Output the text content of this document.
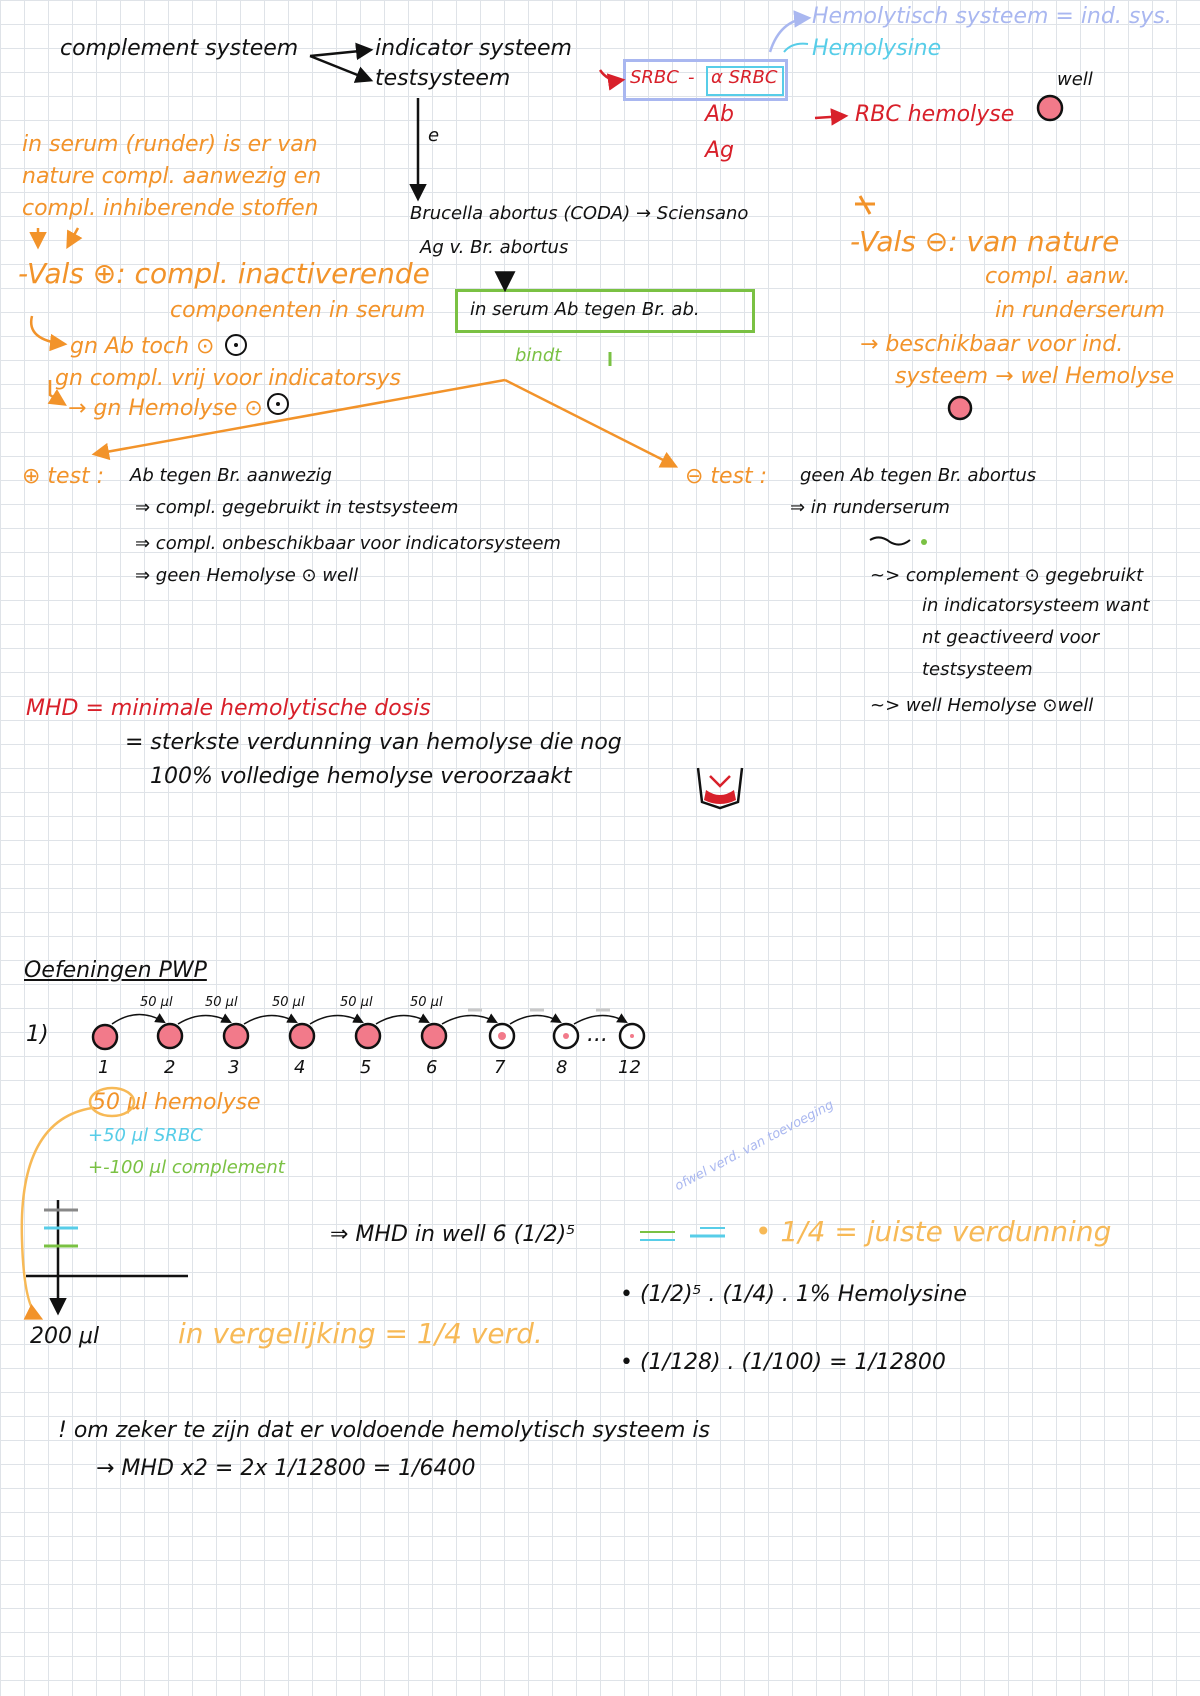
complement systeem	indicator systeem
testsysteem
e
Hemolytisch systeem = ind. sys.
Hemolysine
SRBC - α SRBC
Ab
Ag
well
RBC hemolyse
in serum (runder) is er van
nature compl. aanwezig en
compl. inhiberende stoffen
-Vals ⊕: compl. inactiverende
componenten in serum
gn Ab toch ⊙
gn compl. vrij voor indicatorsys
→ gn Hemolyse ⊙
Brucella abortus (CODA) → Sciensano
Ag v. Br. abortus
in serum Ab tegen Br. ab.
bindt
-Vals ⊖: van nature
compl. aanw.
in runderserum
→ beschikbaar voor ind.
systeem → wel Hemolyse
⊕ test : Ab tegen Br. aanwezig
⇒ compl. gegebruikt in testsysteem
⇒ compl. onbeschikbaar voor indicatorsysteem
⇒ geen Hemolyse ⊙ well
⊖ test : geen Ab tegen Br. abortus
⇒ in runderserum
~> complement ⊙ gegebruikt
in indicatorsysteem want
nt geactiveerd voor
testsysteem
~> well Hemolyse ⊙well
MHD = minimale hemolytische dosis
= sterkste verdunning van hemolyse die nog
100% volledige hemolyse veroorzaakt
Oefeningen PWP
1)
50 μl 50 μl	50 μl	50 μl	50 μl
1	2	3	4	5	6	7	8	12
...
50 μl hemolyse
+50 μl SRBC
+-100 μl complement
200 μl	in vergelijking = 1/4 verd.
⇒ MHD in well 6 (1/2)⁵
ofwel verd. van toevoeging
• 1/4 = juiste verdunning
• (1/2)⁵ . (1/4) . 1% Hemolysine
• (1/128) . (1/100) = 1/12800
! om zeker te zijn dat er voldoende hemolytisch systeem is
→ MHD x2 = 2x 1/12800 = 1/6400
